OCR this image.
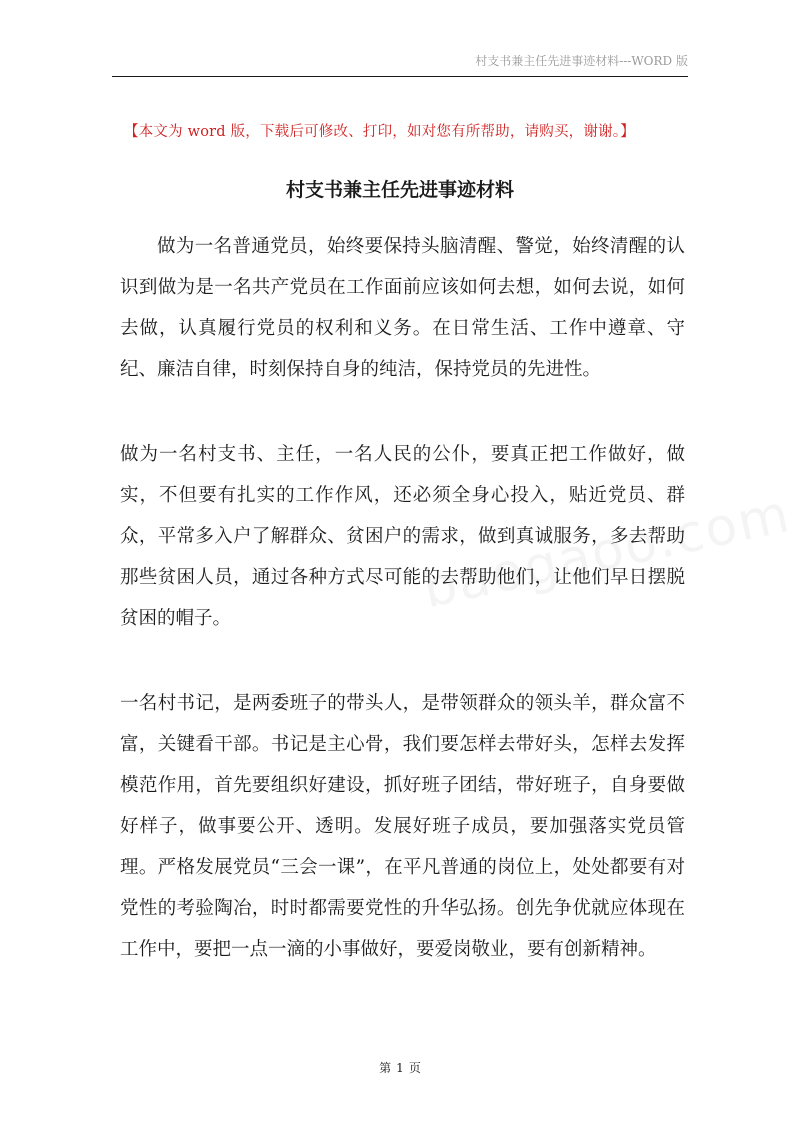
村支书兼主任先进事迹材料---WORD 版
【本文为 word 版，下载后可修改、打印，如对您有所帮助，请购买，谢谢。】
村支书兼主任先进事迹材料

做为一名普通党员，始终要保持头脑清醒、警觉，始终清醒的认识到做为是一名共产党员在工作面前应该如何去想，如何去说，如何去做，认真履行党员的权利和义务。在日常生活、工作中遵章、守纪、廉洁自律，时刻保持自身的纯洁，保持党员的先进性。

做为一名村支书、主任，一名人民的公仆，要真正把工作做好，做实，不但要有扎实的工作作风，还必须全身心投入，贴近党员、群众，平常多入户了解群众、贫困户的需求，做到真诚服务，多去帮助那些贫困人员，通过各种方式尽可能的去帮助他们，让他们早日摆脱贫困的帽子。

一名村书记，是两委班子的带头人，是带领群众的领头羊，群众富不富，关键看干部。书记是主心骨，我们要怎样去带好头，怎样去发挥模范作用，首先要组织好建设，抓好班子团结，带好班子，自身要做好样子，做事要公开、透明。发展好班子成员，要加强落实党员管理。严格发展党员“三会一课”，在平凡普通的岗位上，处处都要有对党性的考验陶冶，时时都需要党性的升华弘扬。创先争优就应体现在工作中，要把一点一滴的小事做好，要爱岗敬业，要有创新精神。

第 1 页
